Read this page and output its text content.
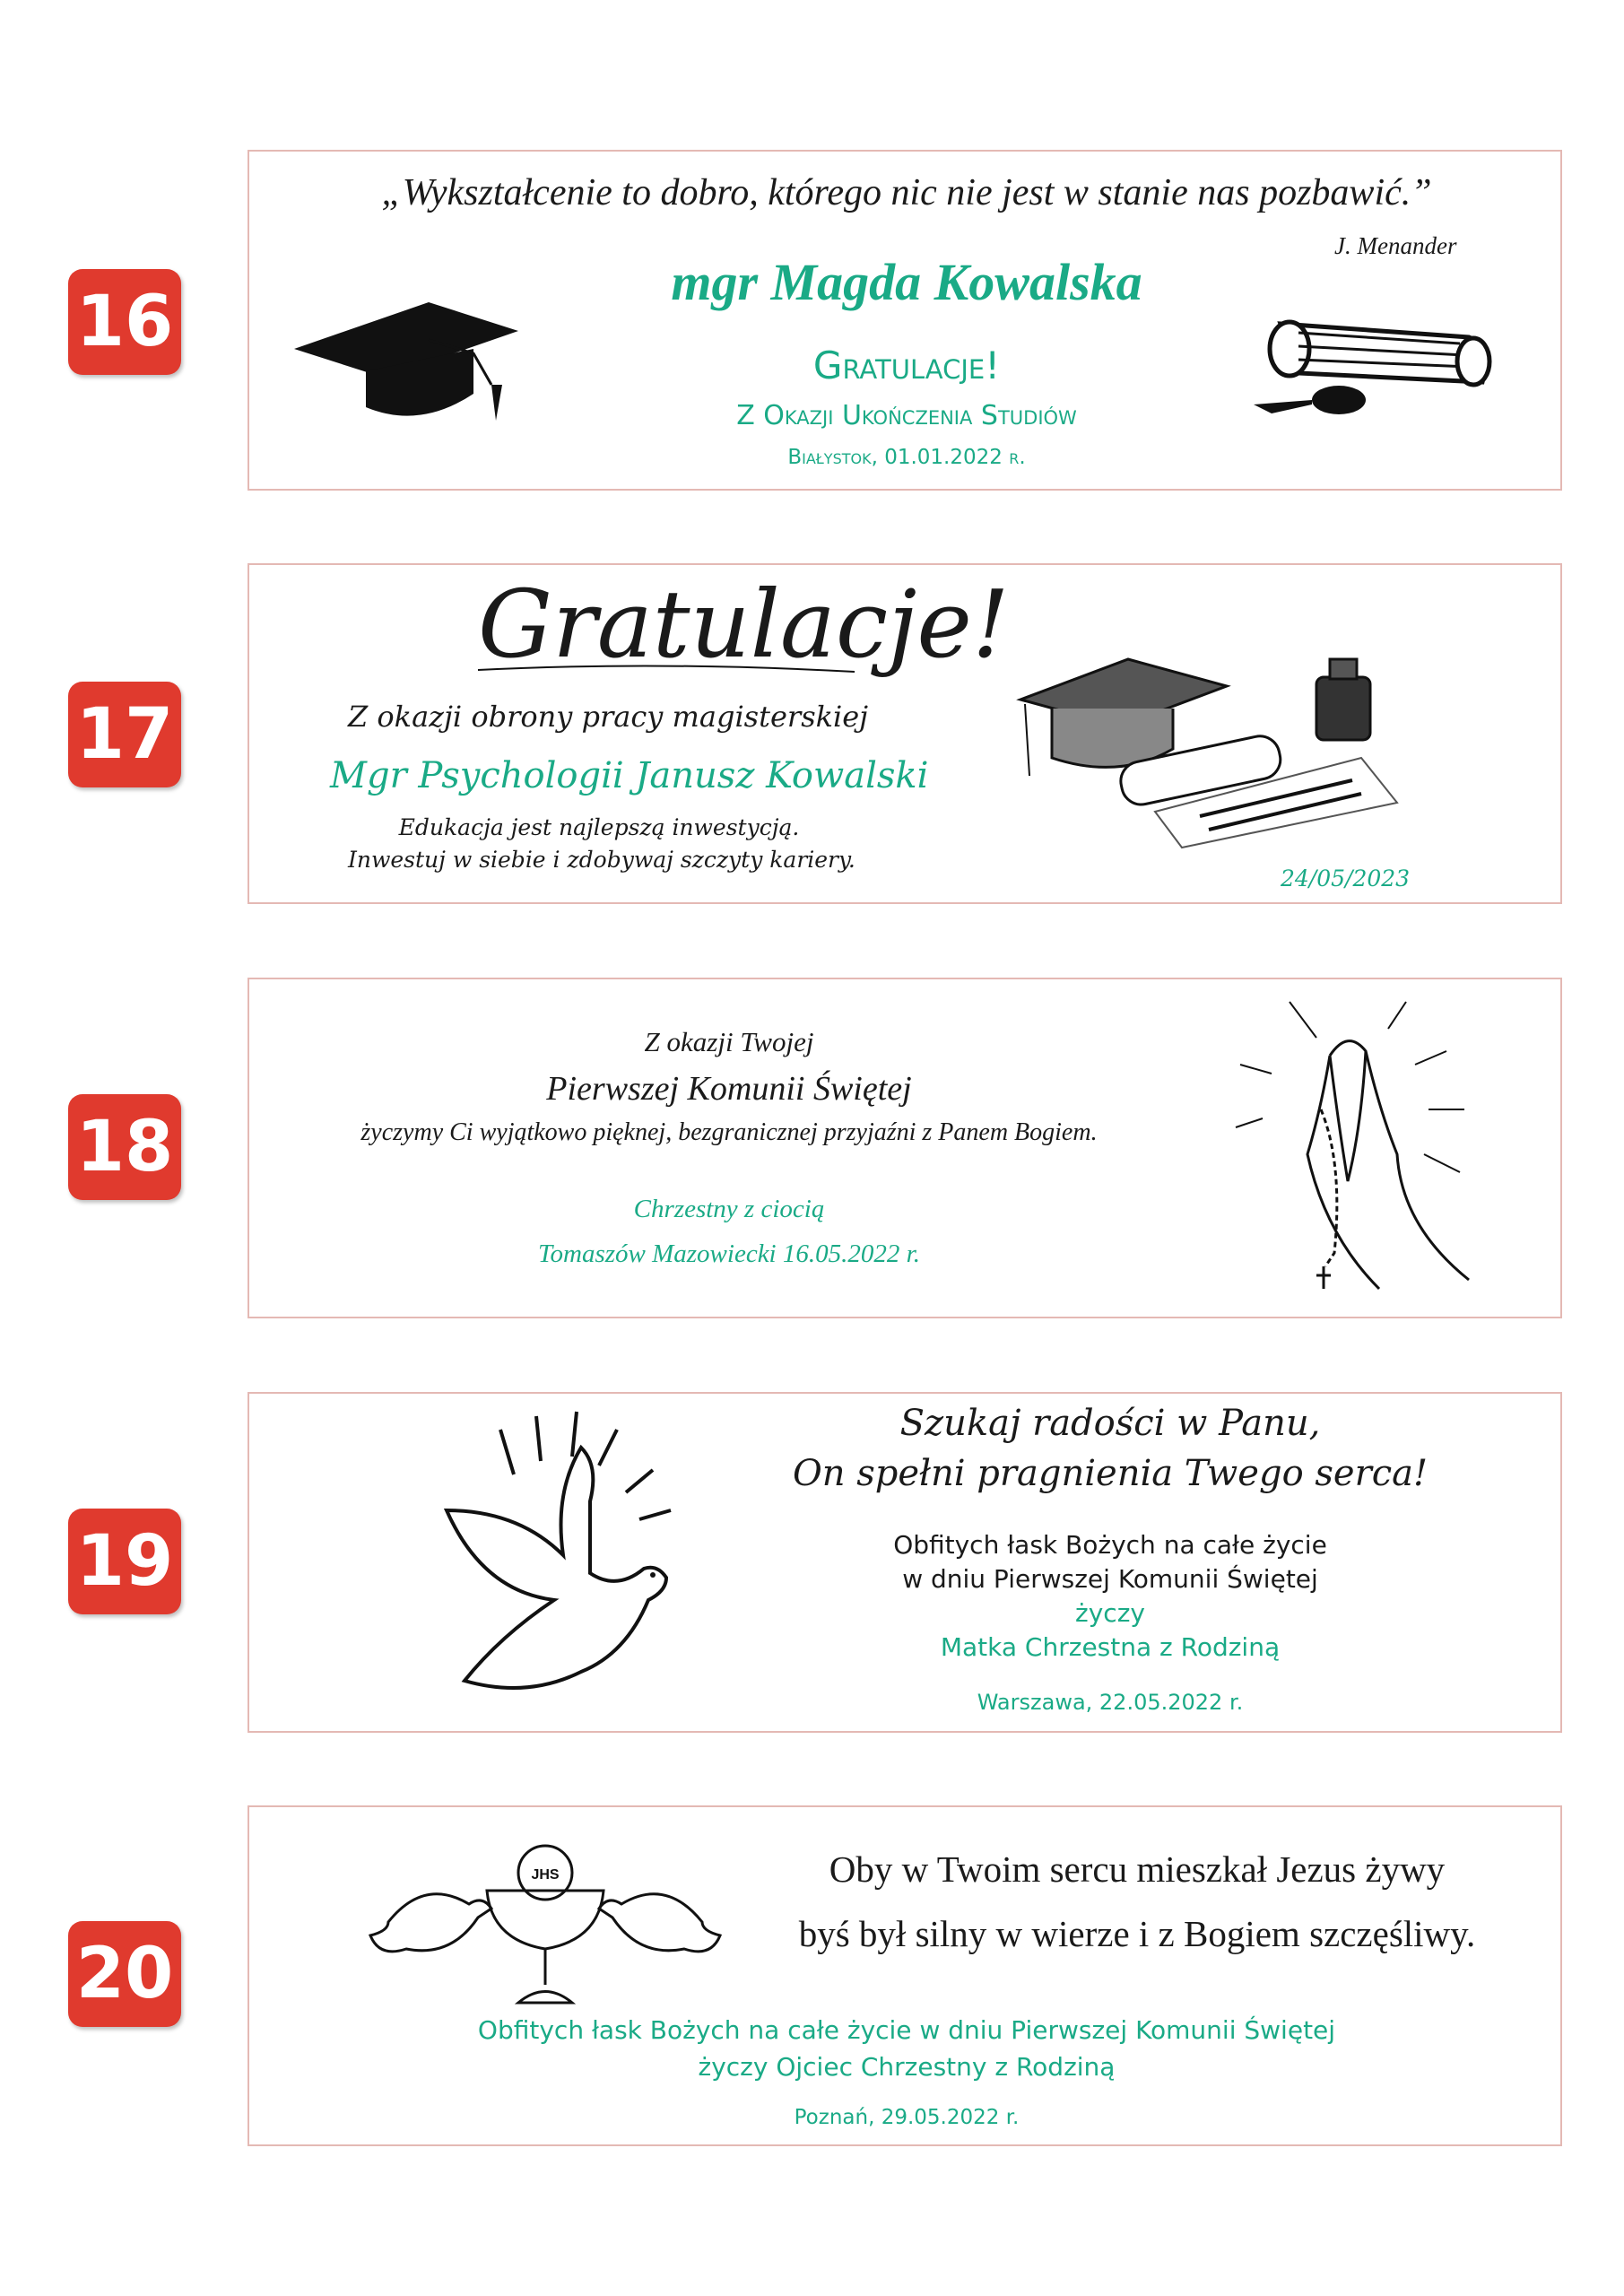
16
„Wykształcenie to dobro, którego nic nie jest w stanie nas pozbawić.”
J. Menander
mgr Magda Kowalska
Gratulacje!
Z Okazji Ukończenia Studiów
Białystok, 01.01.2022 r.
17
Gratulacje!
Z okazji obrony pracy magisterskiej
Mgr Psychologii Janusz Kowalski
Edukacja jest najlepszą inwestycją.
Inwestuj w siebie i zdobywaj szczyty kariery.
24/05/2023
18
Z okazji Twojej
Pierwszej Komunii Świętej
życzymy Ci wyjątkowo pięknej, bezgranicznej przyjaźni z Panem Bogiem.
Chrzestny z ciocią
Tomaszów Mazowiecki 16.05.2022 r.
19
Szukaj radości w Panu,
On spełni pragnienia Twego serca!
Obfitych łask Bożych na całe życie
w dniu Pierwszej Komunii Świętej
życzy
Matka Chrzestna z Rodziną
Warszawa, 22.05.2022 r.
20
JHS	Oby w Twoim sercu mieszkał Jezus żywy
byś był silny w wierze i z Bogiem szczęśliwy.
Obfitych łask Bożych na całe życie w dniu Pierwszej Komunii Świętej
życzy Ojciec Chrzestny z Rodziną
Poznań, 29.05.2022 r.
